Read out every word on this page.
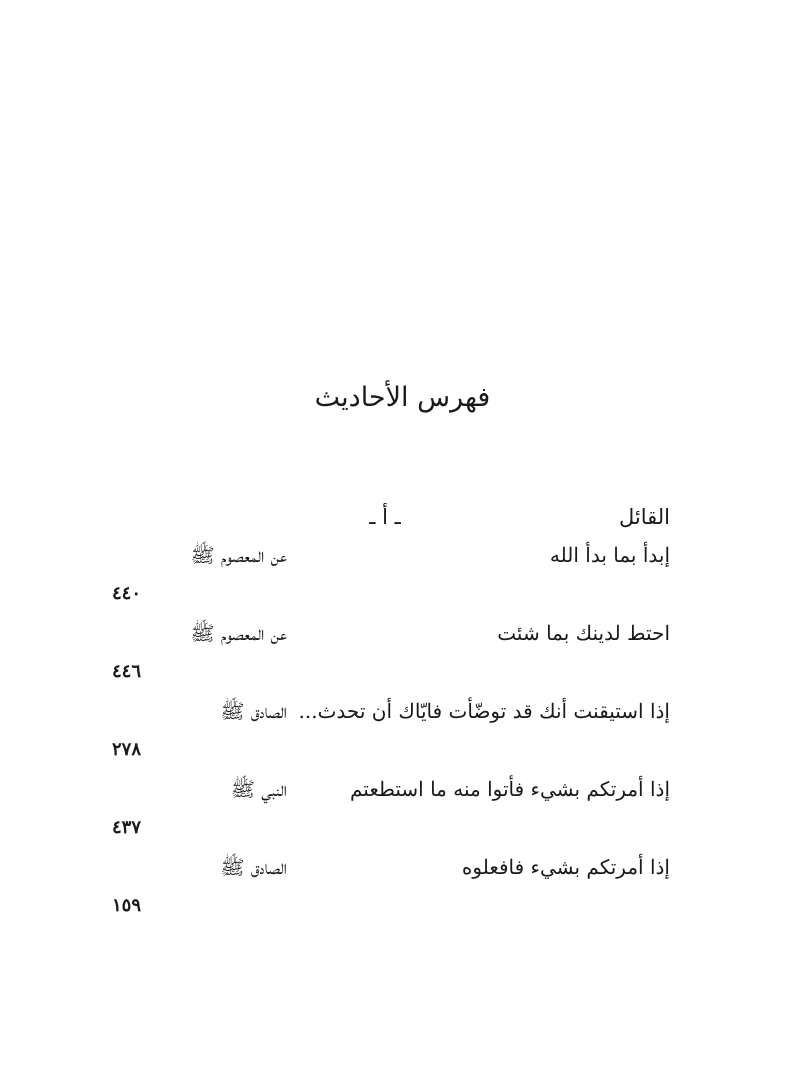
فهرس الأحاديث
القائل
ـ أ ـ
إبدأ بما بدأ الله
عن المعصوم ﷺ
٤٤٠
احتط لدينك بما شئت
عن المعصوم ﷺ
٤٤٦
إذا استيقنت أنك قد توضّأت فايّاك أن تحدث...
الصادق ﷺ
٢٧٨
إذا أمرتكم بشيء فأتوا منه ما استطعتم
النبي ﷺ
٤٣٧
إذا أمرتكم بشيء فافعلوه
الصادق ﷺ
١٥٩
